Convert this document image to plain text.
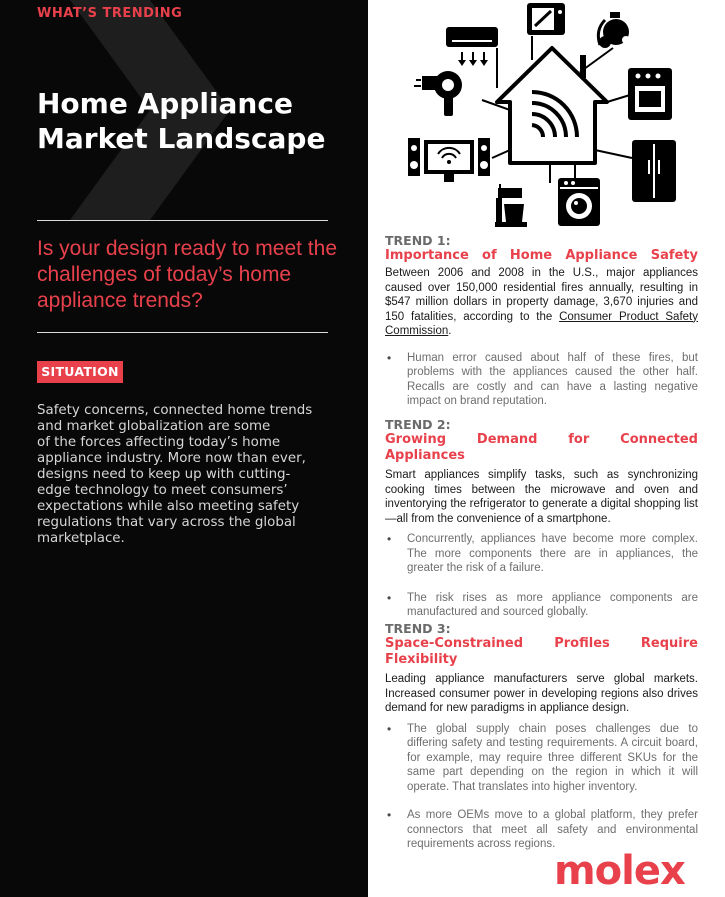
WHAT’S TRENDING
Home Appliance Market Landscape
Is your design ready to meet the challenges of today’s home appliance trends?
SITUATION
Safety concerns, connected home trends
and market globalization are some
of the forces affecting today’s home
appliance industry. More now than ever,
designs need to keep up with cutting-
edge technology to meet consumers’
expectations while also meeting safety
regulations that vary across the global
marketplace.
TREND 1:
Importance of Home Appliance Safety
Between 2006 and 2008 in the U.S., major appliances caused over 150,000 residential fires annually, resulting in $547 million dollars in property damage, 3,670 injuries and 150 fatalities, according to the Consumer Product Safety Commission.
• Human error caused about half of these fires, but problems with the appliances caused the other half. Recalls are costly and can have a lasting negative impact on brand reputation.
TREND 2:
Growing Demand for Connected Appliances
Smart appliances simplify tasks, such as synchronizing cooking times between the microwave and oven and inventorying the refrigerator to generate a digital shopping list—all from the convenience of a smartphone.
• Concurrently, appliances have become more complex. The more components there are in appliances, the greater the risk of a failure.
• The risk rises as more appliance components are manufactured and sourced globally.
TREND 3:
Space-Constrained Profiles Require Flexibility
Leading appliance manufacturers serve global markets. Increased consumer power in developing regions also drives demand for new paradigms in appliance design.
• The global supply chain poses challenges due to differing safety and testing requirements. A circuit board, for example, may require three different SKUs for the same part depending on the region in which it will operate. That translates into higher inventory.
• As more OEMs move to a global platform, they prefer connectors that meet all safety and environmental requirements across regions.
molex
